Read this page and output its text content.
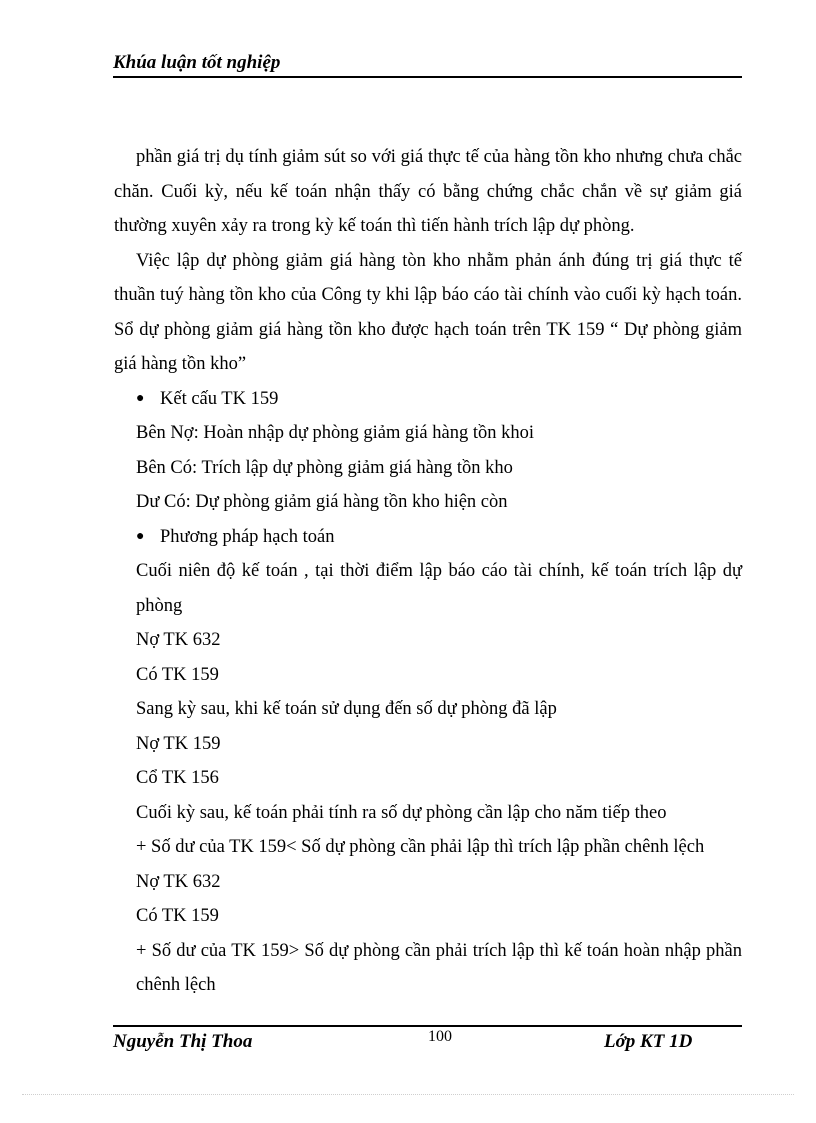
Khúa luận tốt nghiệp

phần giá trị dụ tính giảm sút so với giá thực tế của hàng tồn kho nhưng chưa chắc chăn. Cuối kỳ, nếu kế toán nhận thấy có bằng chứng chắc chắn về sự giảm giá thường xuyên xảy ra trong kỳ kế toán thì tiến hành trích lập dự phòng.

Việc lập dự phòng giảm giá hàng tòn kho nhằm phản ánh đúng trị giá thực tế thuần tuý hàng tồn kho của Công ty khi lập báo cáo tài chính vào cuối kỳ hạch toán. Sổ dự phòng giảm giá hàng tồn kho được hạch toán trên TK 159 “ Dự phòng giảm giá hàng tồn kho”

● Kết cấu TK 159

Bên Nợ: Hoàn nhập dự phòng giảm giá hàng tồn khoi

Bên Có: Trích lập dự phòng giảm giá hàng tồn kho

Dư Có: Dự phòng giảm giá hàng tồn kho hiện còn

● Phương pháp hạch toán

Cuối niên độ kế toán , tại thời điểm lập báo cáo tài chính, kế toán trích lập dự phòng

Nợ TK 632

Có TK 159

Sang kỳ sau, khi kế toán sử dụng đến số dự phòng đã lập

Nợ TK 159

Cổ TK 156

Cuối kỳ sau, kế toán phải tính ra số dự phòng cần lập cho năm tiếp theo

+ Số dư của TK 159< Số dự phòng cần phải lập thì trích lập phần chênh lệch

Nợ TK 632

Có TK 159

+ Số dư của TK 159> Số dự phòng cần phải trích lập thì kế toán hoàn nhập phần chênh lệch

Nguyễn Thị Thoa	100	Lớp KT 1D
